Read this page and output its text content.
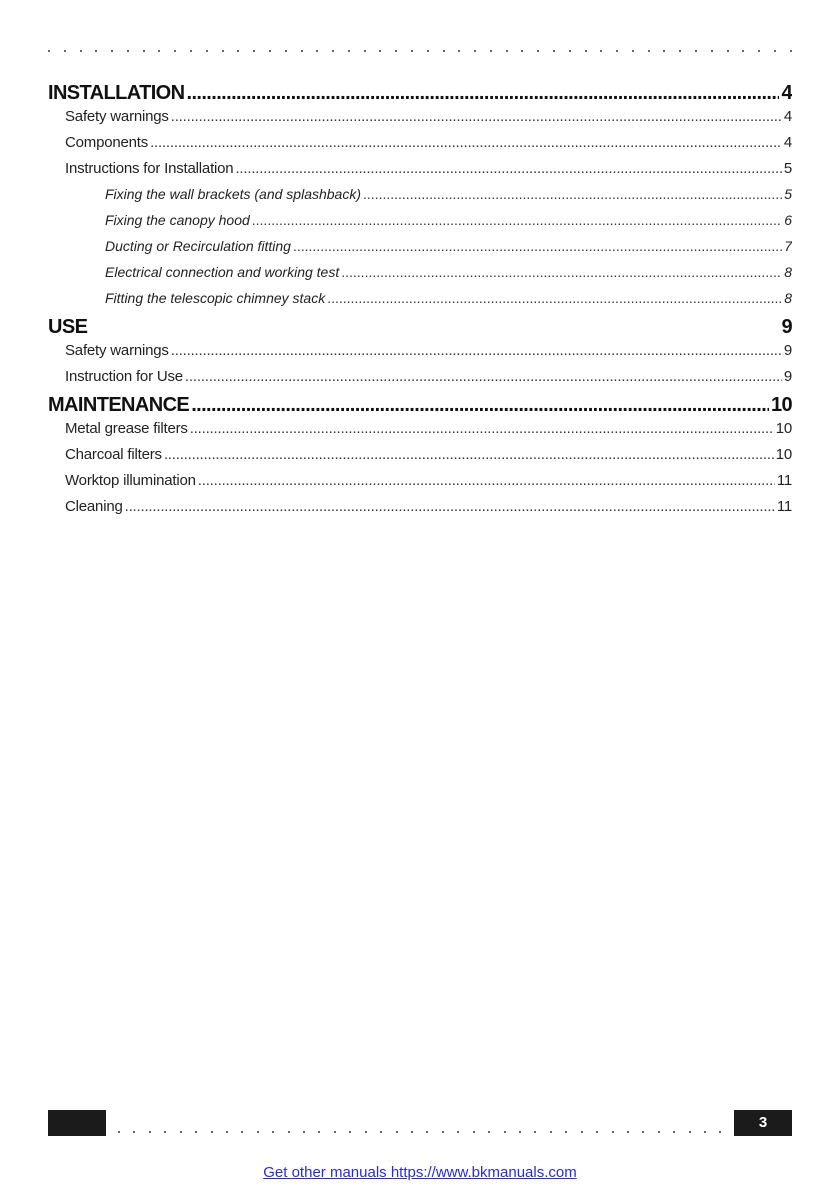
INSTALLATION .....	4
Safety warnings .....	4
Components .....	4
Instructions for Installation .....	5
Fixing the wall brackets (and splashback) .....	5
Fixing the canopy hood .....	6
Ducting or Recirculation fitting .....	7
Electrical connection and working test .....	8
Fitting the telescopic chimney stack .....	8
USE	9
Safety warnings .....	9
Instruction for Use .....	9
MAINTENANCE .....	10
Metal grease filters .....	10
Charcoal filters .....	10
Worktop illumination .....	11
Cleaning .....	11
3
Get other manuals https://www.bkmanuals.com
